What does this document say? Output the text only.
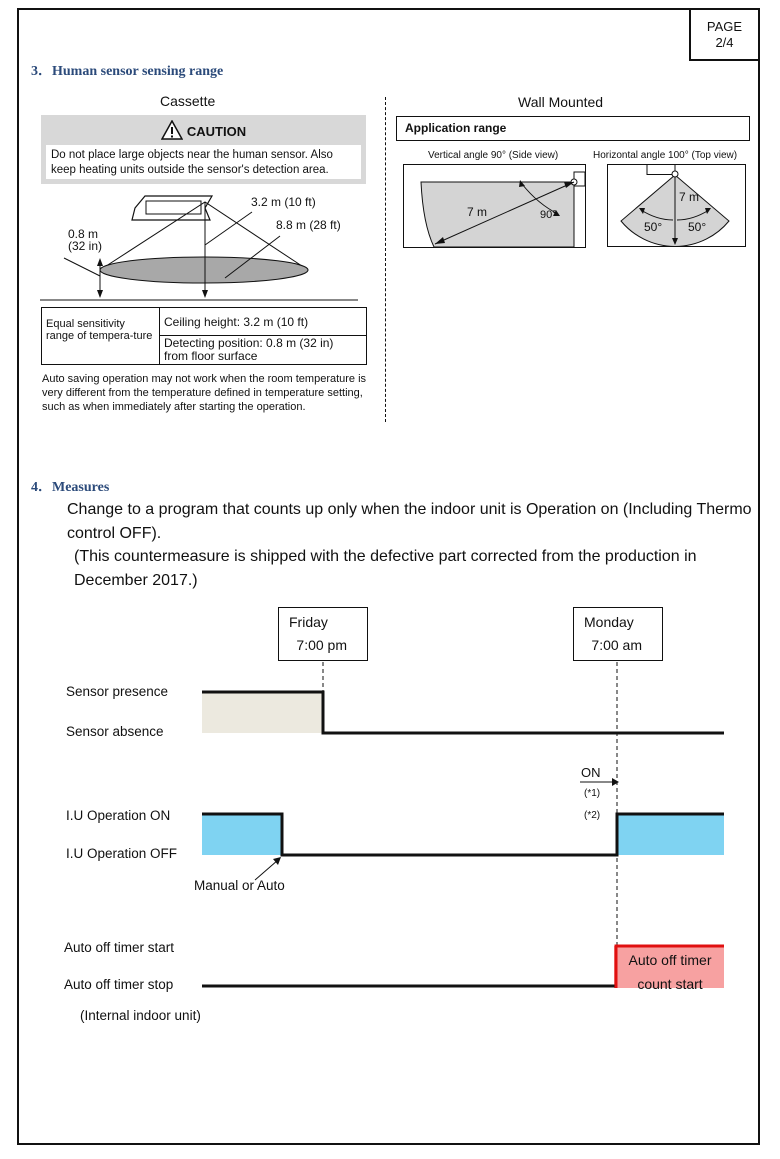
PAGE
2/4
3．Human sensor sensing range
Cassette
CAUTION
Do not place large objects near the human sensor. Also keep heating units outside the sensor's detection area.
3.2 m (10 ft)
8.8 m (28 ft)
0.8 m
(32 in)
Equal sensitivity range of tempera-ture
Ceiling height: 3.2 m (10 ft)
Detecting position: 0.8 m (32 in)
from floor surface
Auto saving operation may not work when the room temperature is very different from the temperature defined in temperature setting, such as when immediately after starting the operation.
Wall Mounted
Application range
Vertical angle 90° (Side view)	Horizontal angle 100° (Top view)
7 m	90°
7 m
50° 50°
4．Measures
Change to a program that counts up only when the indoor unit is Operation on (Including Thermo
control OFF).
(This countermeasure is shipped with the defective part corrected from the production in
December 2017.)
Friday
7:00 pm
Monday
7:00 am
Sensor presence
Sensor absence
ON
(*1)
(*2)
I.U Operation ON
I.U Operation OFF
Manual or Auto
Auto off timer start
Auto off timer stop
(Internal indoor unit)
Auto off timer
count start
